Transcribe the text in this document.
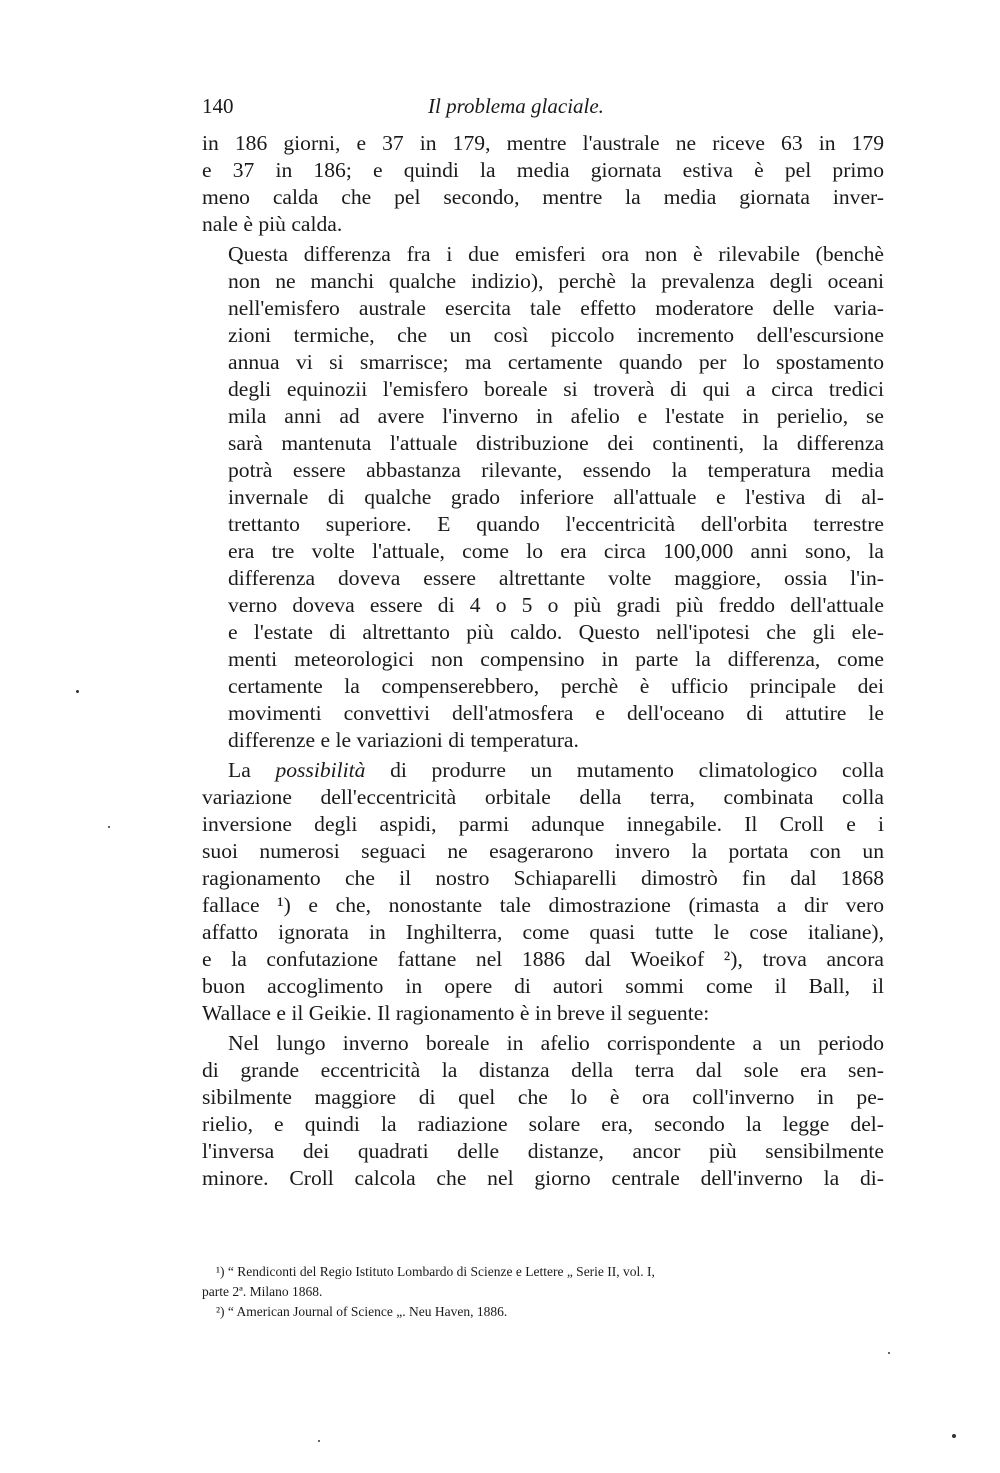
140	Il problema glaciale.

in 186 giorni, e 37 in 179, mentre l'australe ne riceve 63 in 179
e 37 in 186; e quindi la media giornata estiva è pel primo
meno calda che pel secondo, mentre la media giornata inver-
nale è più calda.

Questa differenza fra i due emisferi ora non è rilevabile (benchè
non ne manchi qualche indizio), perchè la prevalenza degli oceani
nell'emisfero australe esercita tale effetto moderatore delle varia-
zioni termiche, che un così piccolo incremento dell'escursione
annua vi si smarrisce; ma certamente quando per lo spostamento
degli equinozii l'emisfero boreale si troverà di qui a circa tredici
mila anni ad avere l'inverno in afelio e l'estate in perielio, se
sarà mantenuta l'attuale distribuzione dei continenti, la differenza
potrà essere abbastanza rilevante, essendo la temperatura media
invernale di qualche grado inferiore all'attuale e l'estiva di al-
trettanto superiore. E quando l'eccentricità dell'orbita terrestre
era tre volte l'attuale, come lo era circa 100,000 anni sono, la
differenza doveva essere altrettante volte maggiore, ossia l'in-
verno doveva essere di 4 o 5 o più gradi più freddo dell'attuale
e l'estate di altrettanto più caldo. Questo nell'ipotesi che gli ele-
menti meteorologici non compensino in parte la differenza, come
certamente la compenserebbero, perchè è ufficio principale dei
movimenti convettivi dell'atmosfera e dell'oceano di attutire le
differenze e le variazioni di temperatura.

La possibilità di produrre un mutamento climatologico colla
variazione dell'eccentricità orbitale della terra, combinata colla
inversione degli aspidi, parmi adunque innegabile. Il Croll e i
suoi numerosi seguaci ne esagerarono invero la portata con un
ragionamento che il nostro Schiaparelli dimostrò fin dal 1868
fallace ¹) e che, nonostante tale dimostrazione (rimasta a dir vero
affatto ignorata in Inghilterra, come quasi tutte le cose italiane),
e la confutazione fattane nel 1886 dal Woeikof ²), trova ancora
buon accoglimento in opere di autori sommi come il Ball, il
Wallace e il Geikie. Il ragionamento è in breve il seguente:

Nel lungo inverno boreale in afelio corrispondente a un periodo
di grande eccentricità la distanza della terra dal sole era sen-
sibilmente maggiore di quel che lo è ora coll'inverno in pe-
rielio, e quindi la radiazione solare era, secondo la legge del-
l'inversa dei quadrati delle distanze, ancor più sensibilmente
minore. Croll calcola che nel giorno centrale dell'inverno la di-

¹) “ Rendiconti del Regio Istituto Lombardo di Scienze e Lettere „ Serie II, vol. I,
parte 2ª. Milano 1868.
²) “ American Journal of Science „. Neu Haven, 1886.
